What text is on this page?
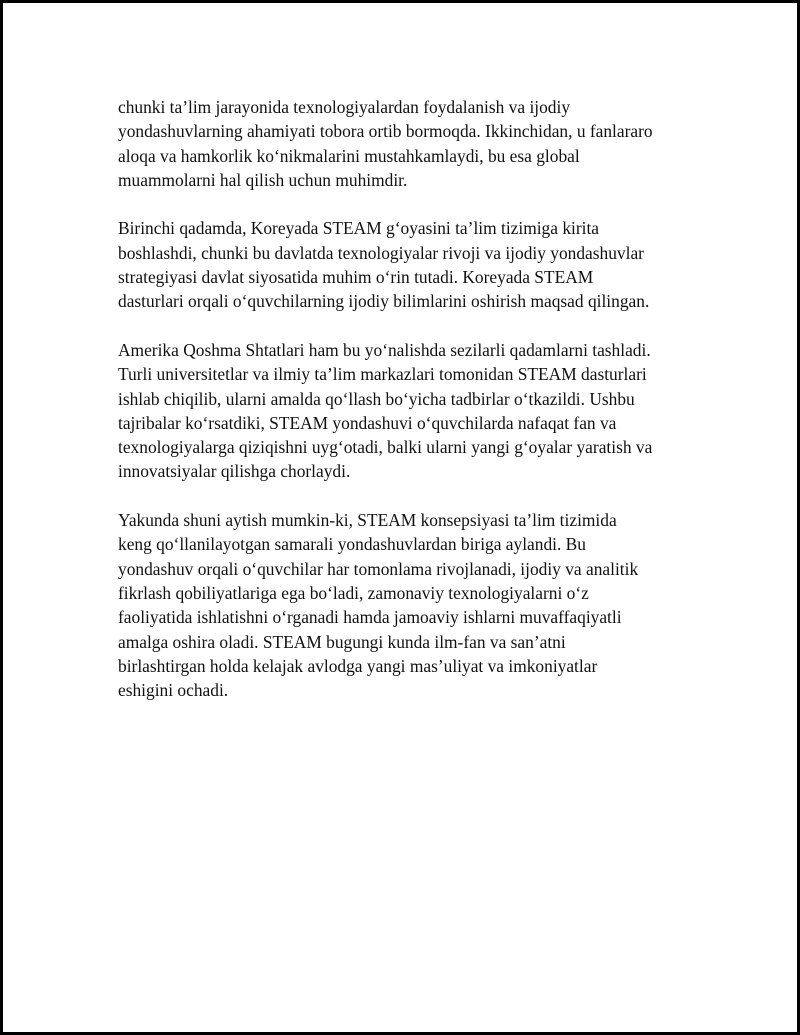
chunki ta’lim jarayonida texnologiyalardan foydalanish va ijodiy
yondashuvlarning ahamiyati tobora ortib bormoqda. Ikkinchidan, u fanlararo
aloqa va hamkorlik koʻnikmalarini mustahkamlaydi, bu esa global
muammolarni hal qilish uchun muhimdir.

Birinchi qadamda, Koreyada STEAM gʻoyasini ta’lim tizimiga kirita
boshlashdi, chunki bu davlatda texnologiyalar rivoji va ijodiy yondashuvlar
strategiyasi davlat siyosatida muhim oʻrin tutadi. Koreyada STEAM
dasturlari orqali oʻquvchilarning ijodiy bilimlarini oshirish maqsad qilingan.

Amerika Qoshma Shtatlari ham bu yoʻnalishda sezilarli qadamlarni tashladi.
Turli universitetlar va ilmiy ta’lim markazlari tomonidan STEAM dasturlari
ishlab chiqilib, ularni amalda qoʻllash boʻyicha tadbirlar oʻtkazildi. Ushbu
tajribalar koʻrsatdiki, STEAM yondashuvi oʻquvchilarda nafaqat fan va
texnologiyalarga qiziqishni uygʻotadi, balki ularni yangi gʻoyalar yaratish va
innovatsiyalar qilishga chorlaydi.

Yakunda shuni aytish mumkin-ki, STEAM konsepsiyasi ta’lim tizimida
keng qoʻllanilayotgan samarali yondashuvlardan biriga aylandi. Bu
yondashuv orqali oʻquvchilar har tomonlama rivojlanadi, ijodiy va analitik
fikrlash qobiliyatlariga ega boʻladi, zamonaviy texnologiyalarni oʻz
faoliyatida ishlatishni oʻrganadi hamda jamoaviy ishlarni muvaffaqiyatli
amalga oshira oladi. STEAM bugungi kunda ilm-fan va san’atni
birlashtirgan holda kelajak avlodga yangi mas’uliyat va imkoniyatlar
eshigini ochadi.
